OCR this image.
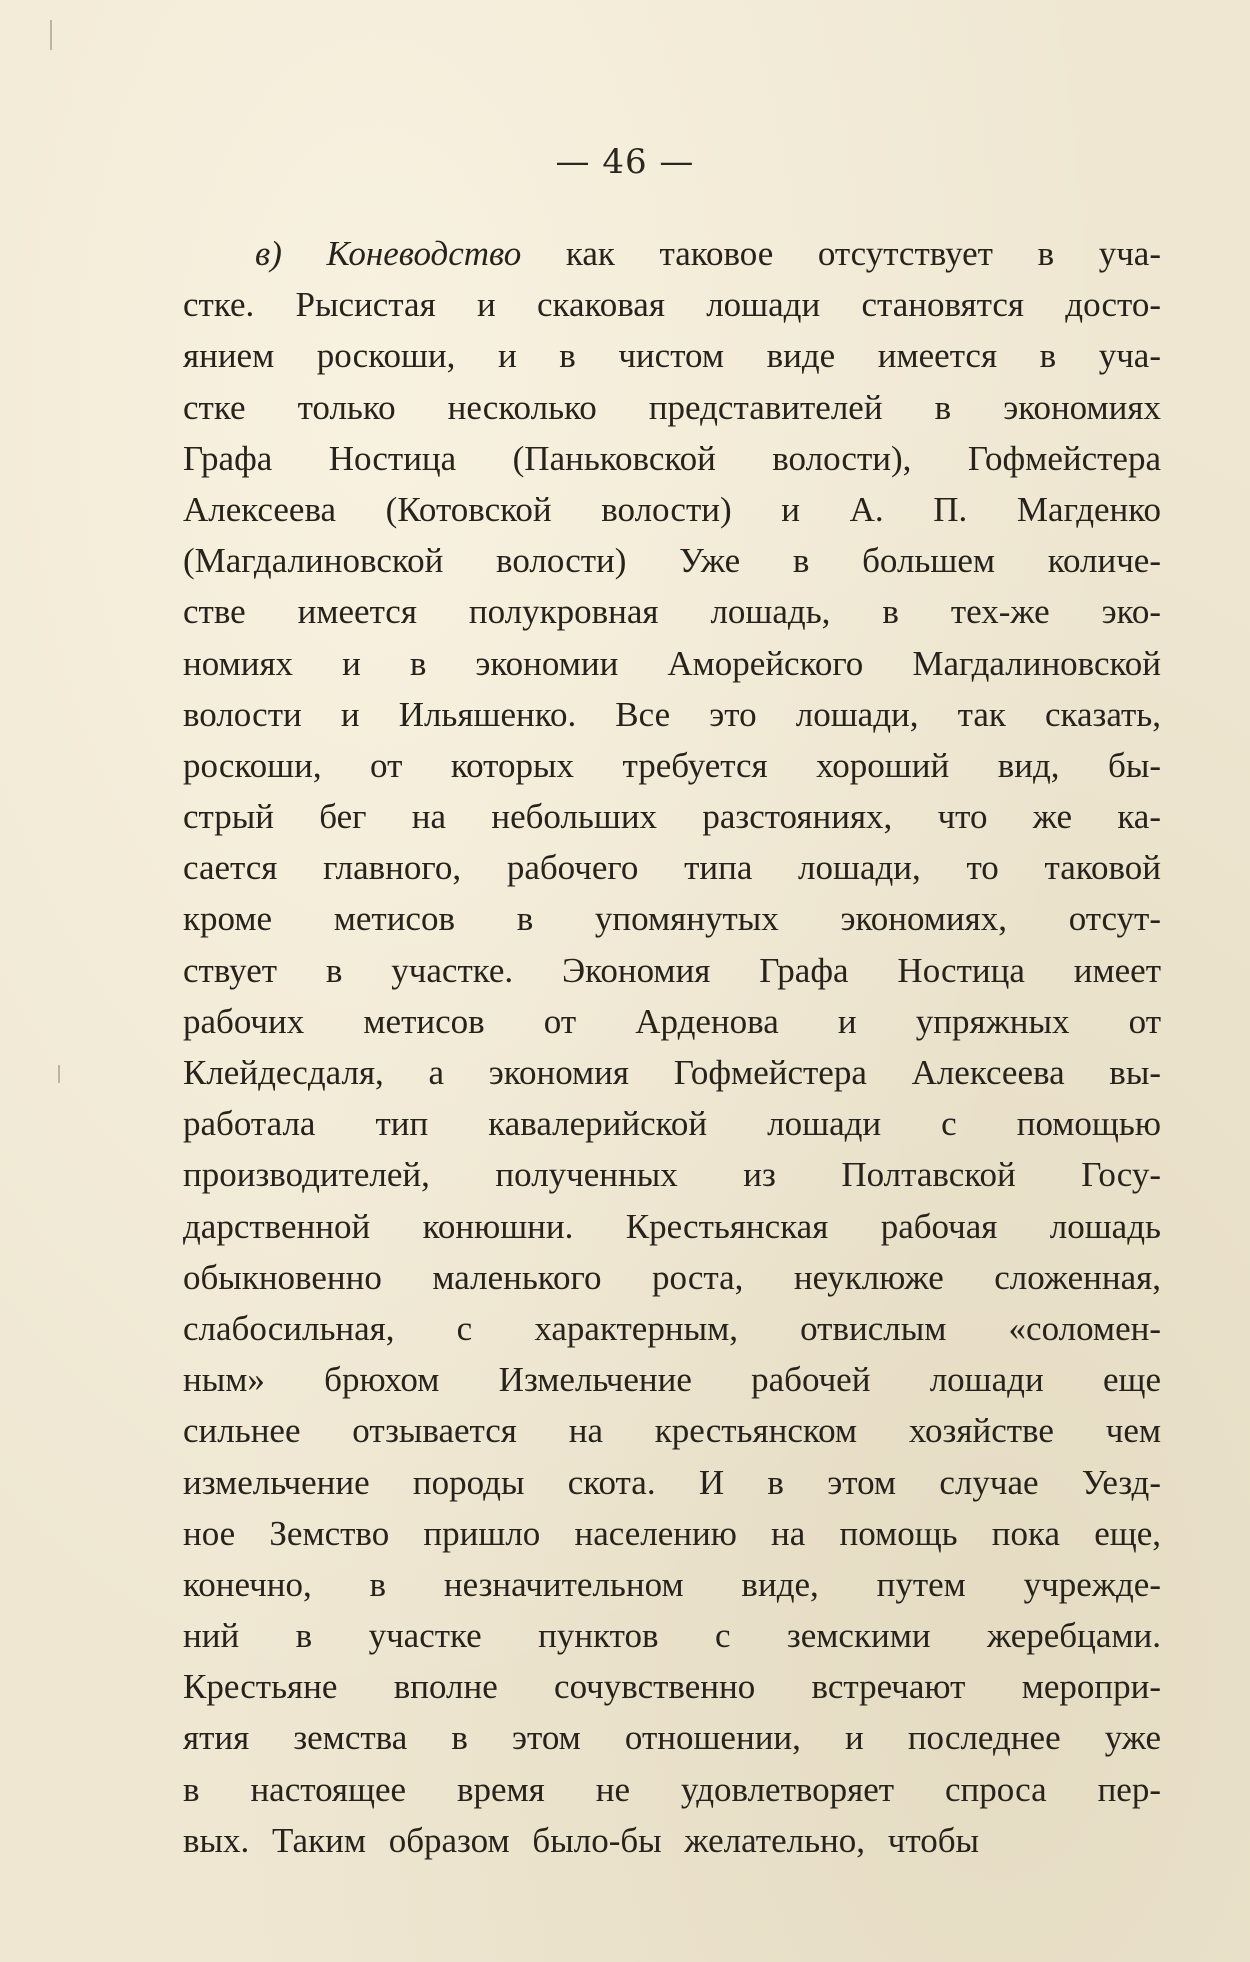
— 46 —
в) Коневодство как таковое отсутствует в уча-
стке. Рысистая и скаковая лошади становятся досто-
янием роскоши, и в чистом виде имеется в уча-
стке только несколько представителей в экономиях
Графа Ностица (Паньковской волости), Гофмейстера
Алексеева (Котовской волости) и А. П. Магденко
(Магдалиновской волости) Уже в большем количе-
стве имеется полукровная лошадь, в тех-же эко-
номиях и в экономии Аморейского Магдалиновской
волости и Ильяшенко. Все это лошади, так сказать,
роскоши, от которых требуется хороший вид, бы-
стрый бег на небольших разстояниях, что же ка-
сается главного, рабочего типа лошади, то таковой
кроме метисов в упомянутых экономиях, отсут-
ствует в участке. Экономия Графа Ностица имеет
рабочих метисов от Арденова и упряжных от
Клейдесдаля, а экономия Гофмейстера Алексеева вы-
работала тип кавалерийской лошади с помощью
производителей, полученных из Полтавской Госу-
дарственной конюшни. Крестьянская рабочая лошадь
обыкновенно маленького роста, неуклюже сложенная,
слабосильная, с характерным, отвислым «соломен-
ным» брюхом Измельчение рабочей лошади еще
сильнее отзывается на крестьянском хозяйстве чем
измельчение породы скота. И в этом случае Уезд-
ное Земство пришло населению на помощь пока еще,
конечно, в незначительном виде, путем учрежде-
ний в участке пунктов с земскими жеребцами.
Крестьяне вполне сочувственно встречают меропри-
ятия земства в этом отношении, и последнее уже
в настоящее время не удовлетворяет спроса пер-
вых. Таким образом было-бы желательно, чтобы
